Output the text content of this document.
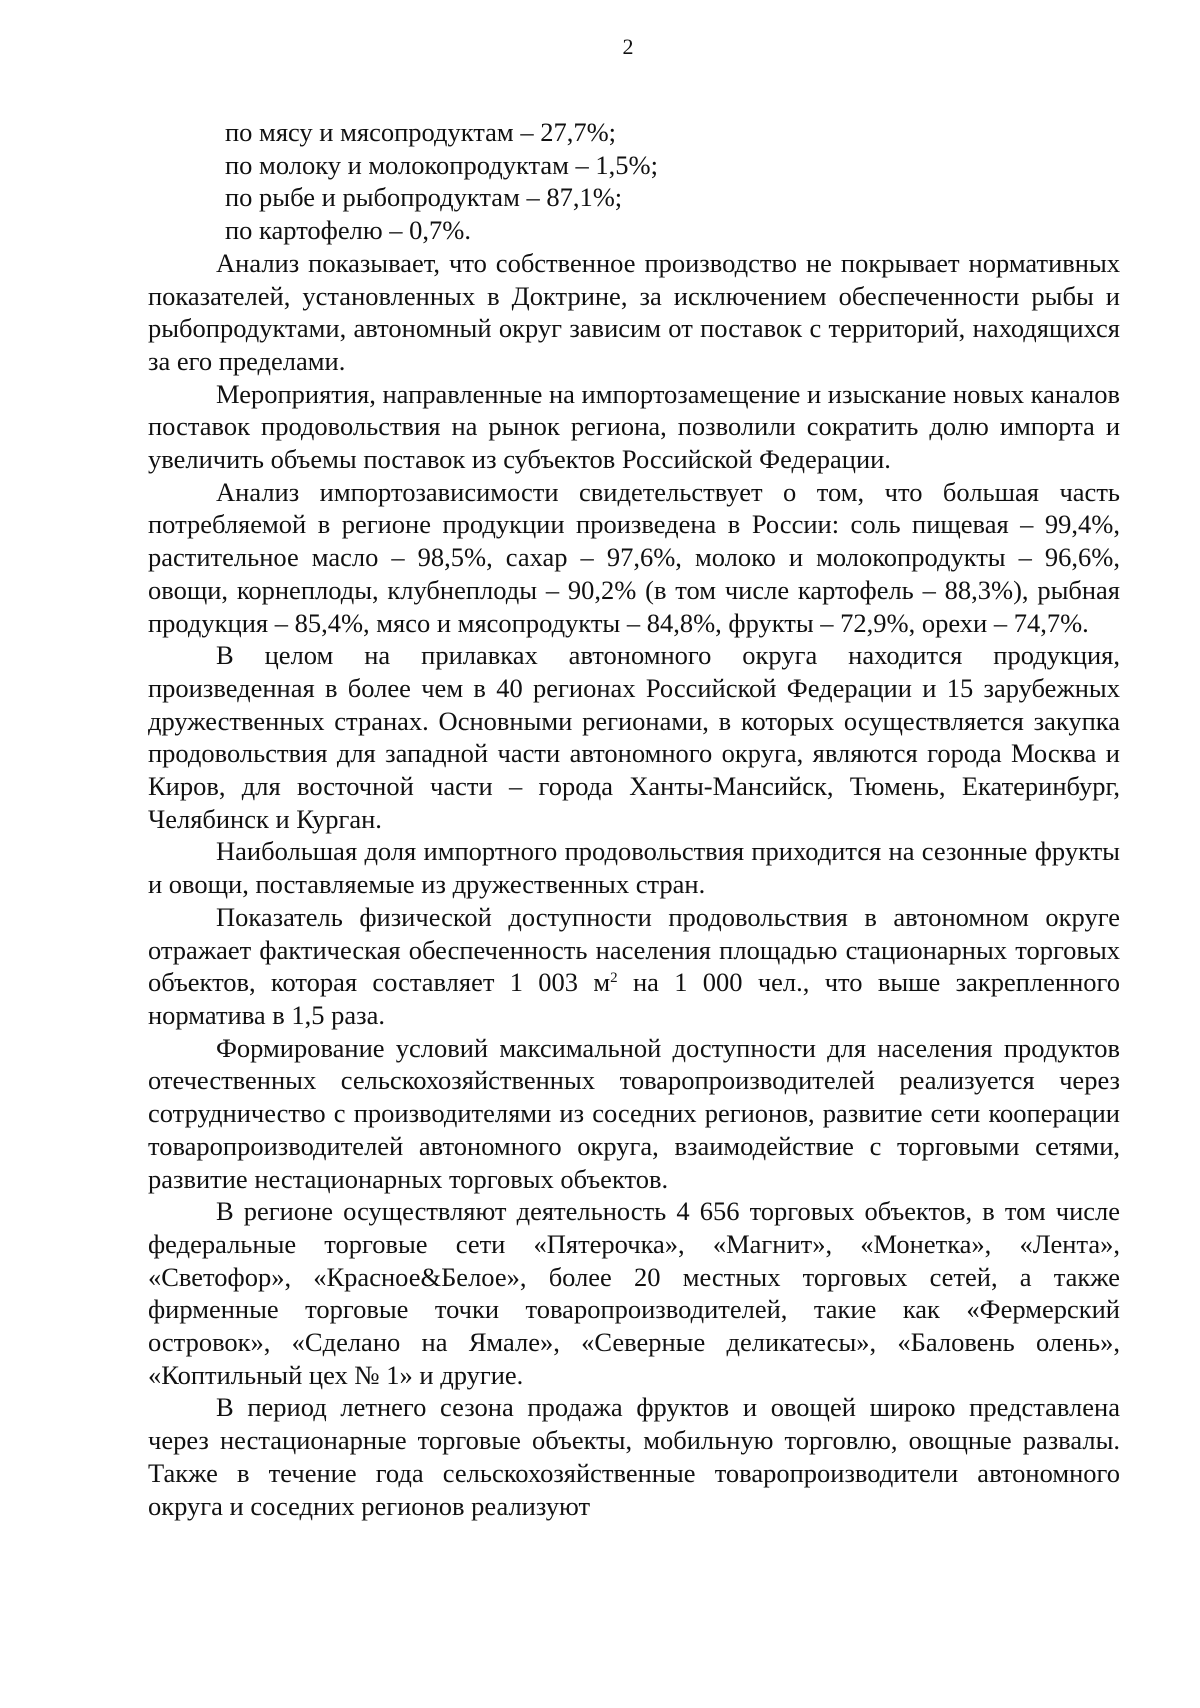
2

по мясу и мясопродуктам – 27,7%;

по молоку и молокопродуктам – 1,5%;

по рыбе и рыбопродуктам – 87,1%;

по картофелю – 0,7%.

Анализ показывает, что собственное производство не покрывает нормативных показателей, установленных в Доктрине, за исключением обеспеченности рыбы и рыбопродуктами, автономный округ зависим от поставок с территорий, находящихся за его пределами.

Мероприятия, направленные на импортозамещение и изыскание новых каналов поставок продовольствия на рынок региона, позволили сократить долю импорта и увеличить объемы поставок из субъектов Российской Федерации.

Анализ импортозависимости свидетельствует о том, что большая часть потребляемой в регионе продукции произведена в России: соль пищевая – 99,4%, растительное масло – 98,5%, сахар – 97,6%, молоко и молокопродукты – 96,6%, овощи, корнеплоды, клубнеплоды – 90,2% (в том числе картофель – 88,3%), рыбная продукция – 85,4%, мясо и мясопродукты – 84,8%, фрукты – 72,9%, орехи – 74,7%.

В целом на прилавках автономного округа находится продукция, произведенная в более чем в 40 регионах Российской Федерации и 15 зарубежных дружественных странах. Основными регионами, в которых осуществляется закупка продовольствия для западной части автономного округа, являются города Москва и Киров, для восточной части – города Ханты-Мансийск, Тюмень, Екатеринбург, Челябинск и Курган.

Наибольшая доля импортного продовольствия приходится на сезонные фрукты и овощи, поставляемые из дружественных стран.

Показатель физической доступности продовольствия в автономном округе отражает фактическая обеспеченность населения площадью стационарных торговых объектов, которая составляет 1 003 $м^2$ на 1 000 чел., что выше закрепленного норматива в 1,5 раза.

Формирование условий максимальной доступности для населения продуктов отечественных сельскохозяйственных товаропроизводителей реализуется через сотрудничество с производителями из соседних регионов, развитие сети кооперации товаропроизводителей автономного округа, взаимодействие с торговыми сетями, развитие нестационарных торговых объектов.

В регионе осуществляют деятельность 4 656 торговых объектов, в том числе федеральные торговые сети «Пятерочка», «Магнит», «Монетка», «Лента», «Светофор», «Красное&Белое», более 20 местных торговых сетей, а также фирменные торговые точки товаропроизводителей, такие как «Фермерский островок», «Сделано на Ямале», «Северные деликатесы», «Баловень олень», «Коптильный цех № 1» и другие.

В период летнего сезона продажа фруктов и овощей широко представлена через нестационарные торговые объекты, мобильную торговлю, овощные развалы. Также в течение года сельскохозяйственные товаропроизводители автономного округа и соседних регионов реализуют
